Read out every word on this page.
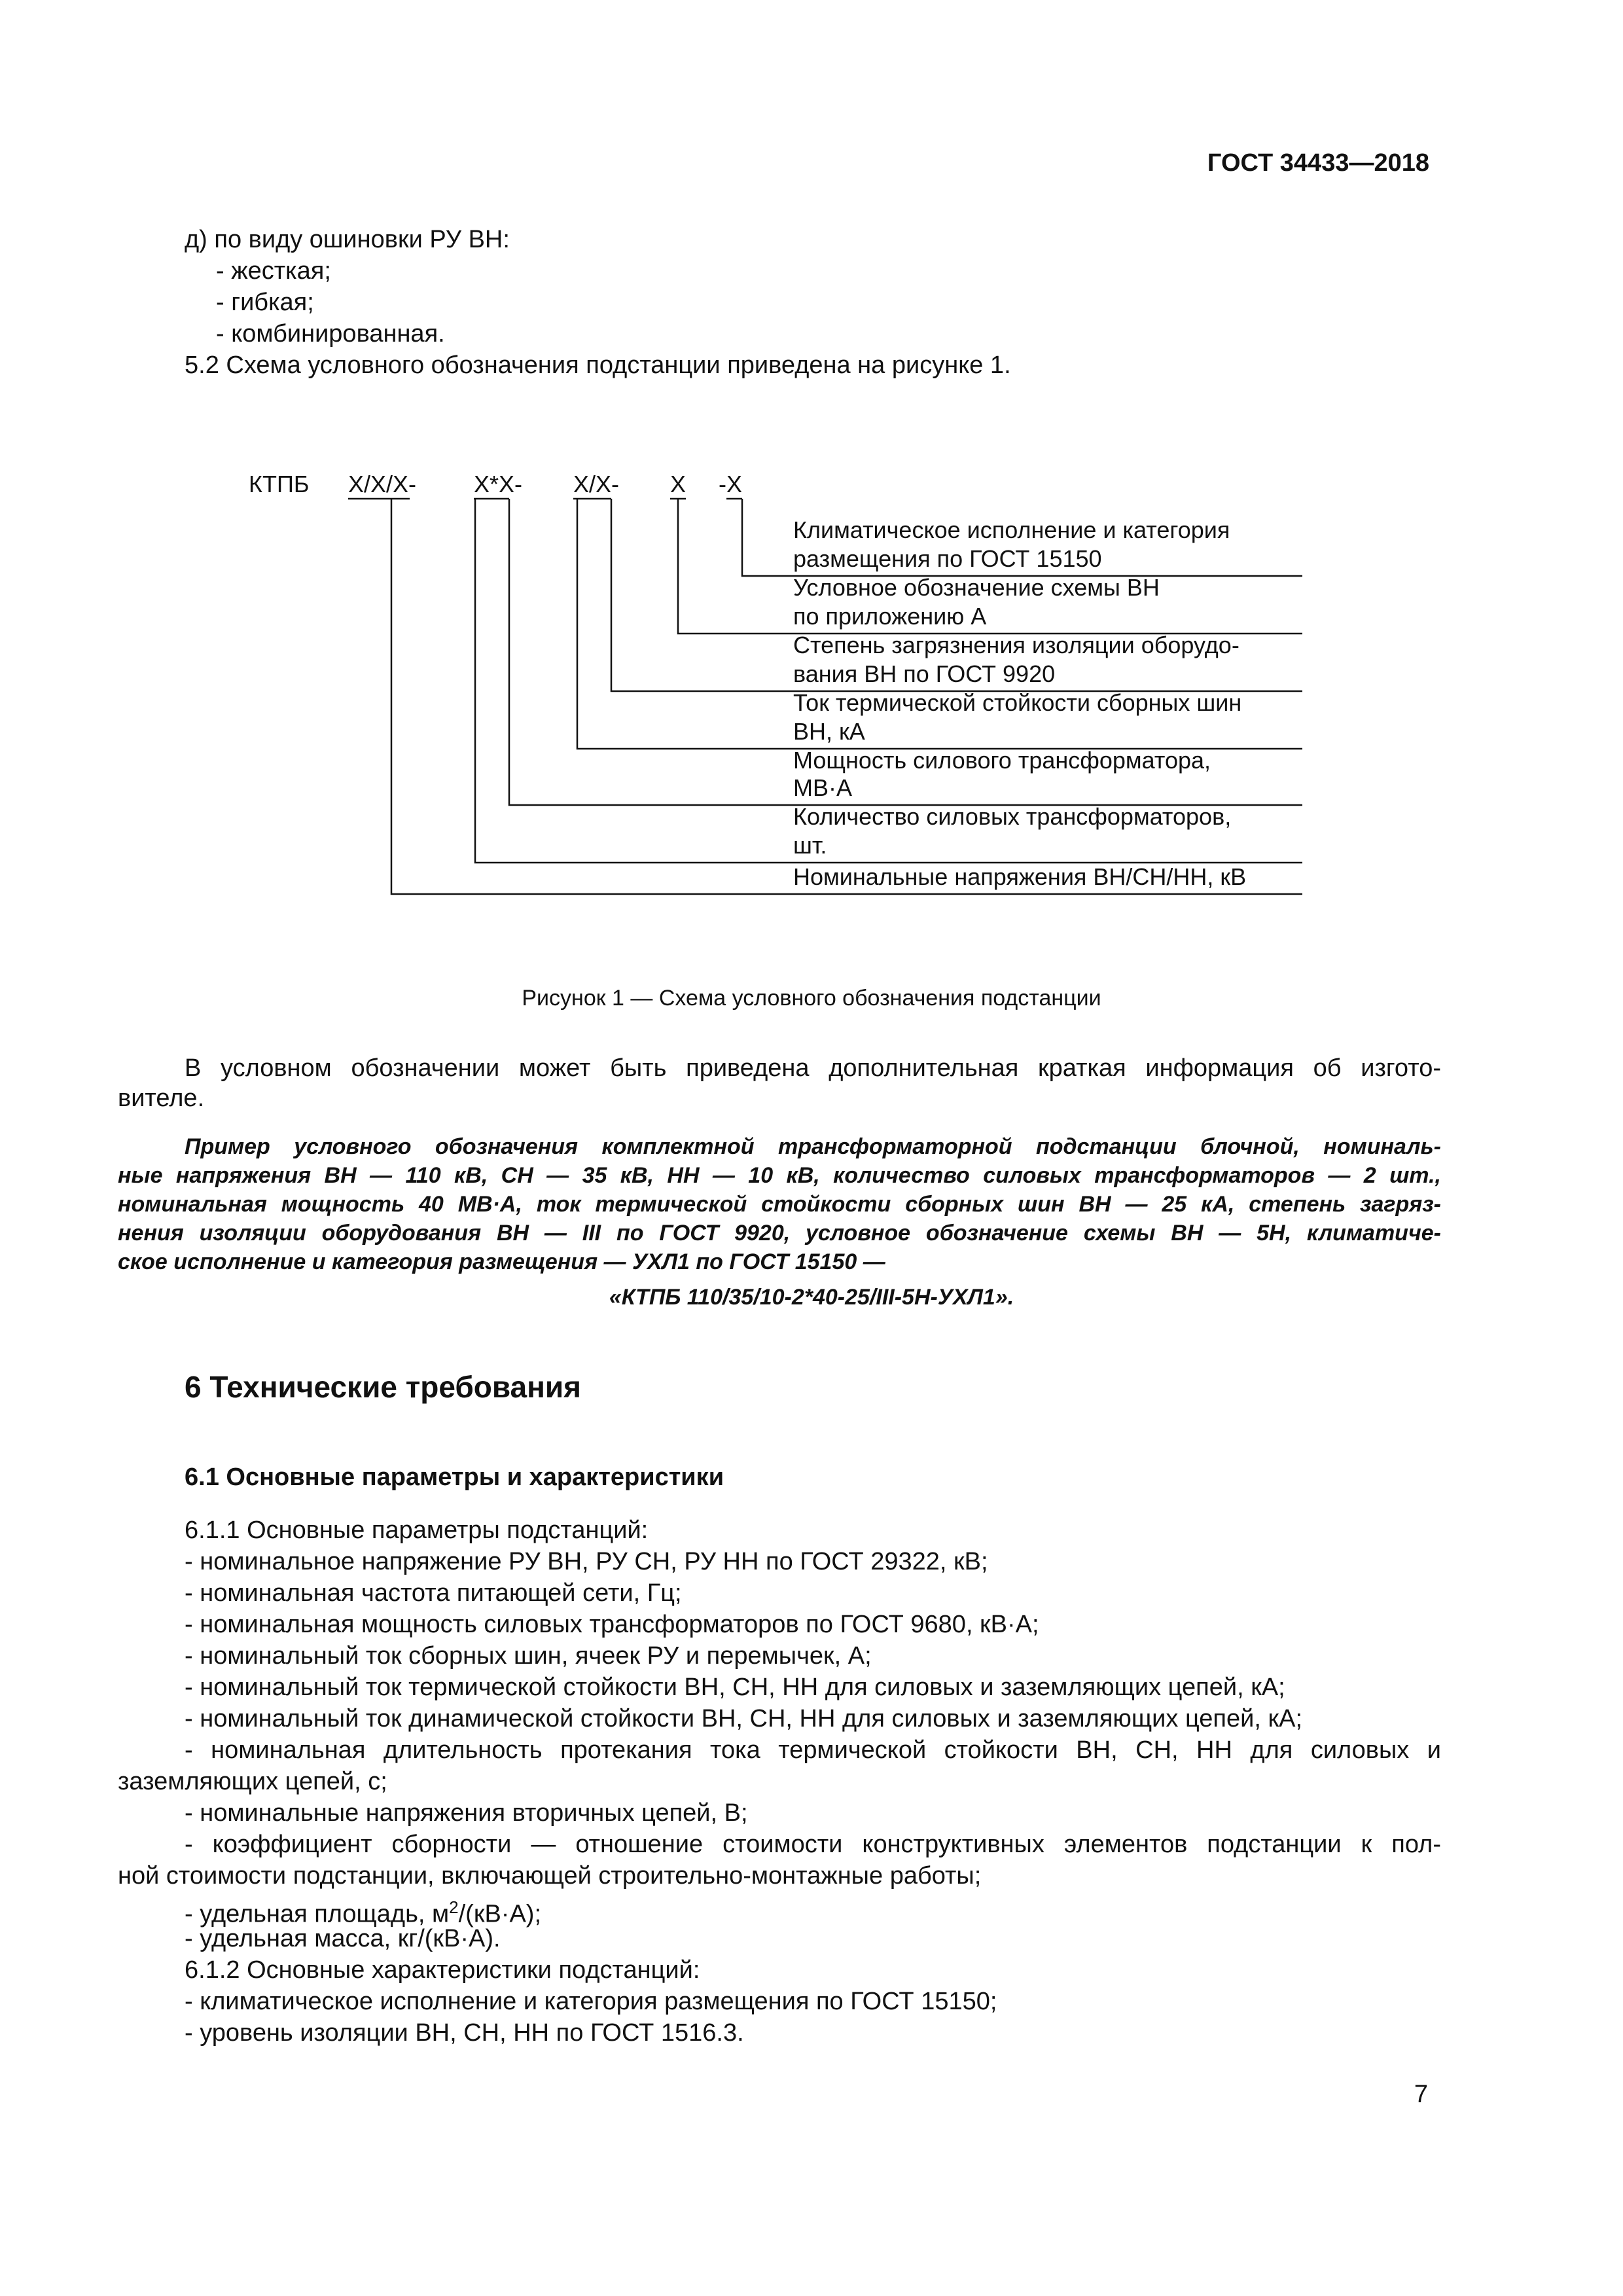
ГОСТ 34433—2018
д) по виду ошиновки РУ ВН:
- жесткая;
- гибкая;
- комбинированная.
5.2 Схема условного обозначения подстанции приведена на рисунке 1.
КТПБ Х/Х/Х- Х*Х- Х/Х- Х -Х
Климатическое исполнение и категория
размещения по ГОСТ 15150
Условное обозначение схемы ВН
по приложению А
Степень загрязнения изоляции оборудо-
вания ВН по ГОСТ 9920
Ток термической стойкости сборных шин
ВН, кА
Мощность силового трансформатора,
МВ·А
Количество силовых трансформаторов,
шт.
Номинальные напряжения ВН/СН/НН, кВ
Рисунок 1 — Схема условного обозначения подстанции
В условном обозначении может быть приведена дополнительная краткая информация об изгото-
вителе.
Пример условного обозначения комплектной трансформаторной подстанции блочной, номиналь-
ные напряжения ВН — 110 кВ, СН — 35 кВ, НН — 10 кВ, количество силовых трансформаторов — 2 шт.,
номинальная мощность 40 МВ·А, ток термической стойкости сборных шин ВН — 25 кА, степень загряз-
нения изоляции оборудования ВН — III по ГОСТ 9920, условное обозначение схемы ВН — 5Н, климатиче-
ское исполнение и категория размещения — УХЛ1 по ГОСТ 15150 —
«КТПБ 110/35/10-2*40-25/III-5Н-УХЛ1».
6 Технические требования
6.1 Основные параметры и характеристики
6.1.1 Основные параметры подстанций:
- номинальное напряжение РУ ВН, РУ СН, РУ НН по ГОСТ 29322, кВ;
- номинальная частота питающей сети, Гц;
- номинальная мощность силовых трансформаторов по ГОСТ 9680, кВ·А;
- номинальный ток сборных шин, ячеек РУ и перемычек, А;
- номинальный ток термической стойкости ВН, СН, НН для силовых и заземляющих цепей, кА;
- номинальный ток динамической стойкости ВН, СН, НН для силовых и заземляющих цепей, кА;
- номинальная длительность протекания тока термической стойкости ВН, СН, НН для силовых и
заземляющих цепей, с;
- номинальные напряжения вторичных цепей, В;
- коэффициент сборности — отношение стоимости конструктивных элементов подстанции к пол-
ной стоимости подстанции, включающей строительно-монтажные работы;
- удельная площадь, $м^2/(кВ\cdot А)$;
- удельная масса, кг/(кВ·А).
6.1.2 Основные характеристики подстанций:
- климатическое исполнение и категория размещения по ГОСТ 15150;
- уровень изоляции ВН, СН, НН по ГОСТ 1516.3.
7
